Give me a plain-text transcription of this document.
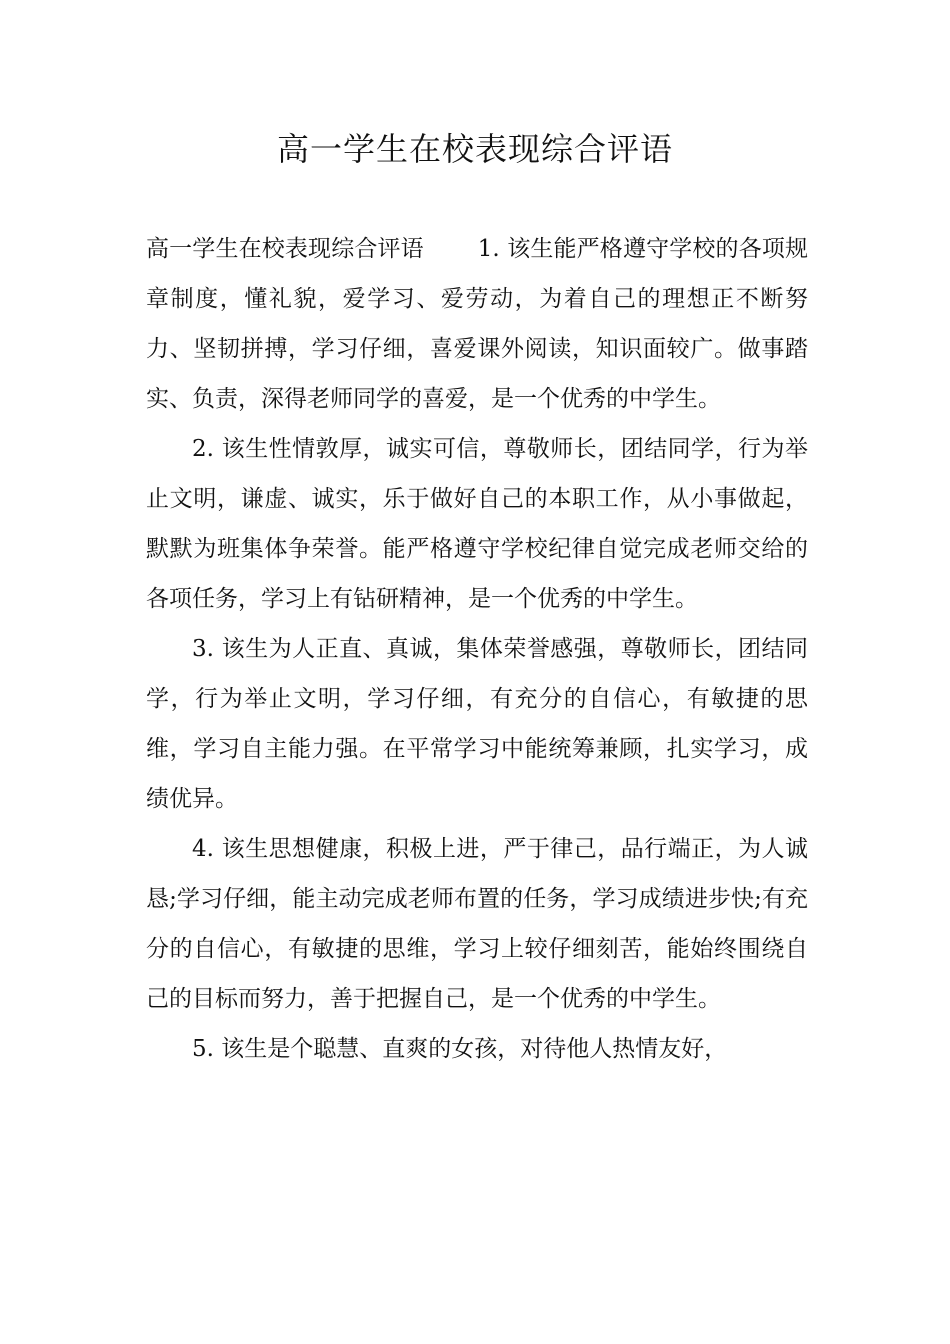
高一学生在校表现综合评语

高一学生在校表现综合评语 1. 该生能严格遵守学校的各项规章制度，懂礼貌，爱学习、爱劳动，为着自己的理想正不断努力、坚韧拼搏，学习仔细，喜爱课外阅读，知识面较广。做事踏实、负责，深得老师同学的喜爱，是一个优秀的中学生。

2. 该生性情敦厚，诚实可信，尊敬师长，团结同学，行为举止文明，谦虚、诚实，乐于做好自己的本职工作，从小事做起，默默为班集体争荣誉。能严格遵守学校纪律自觉完成老师交给的各项任务，学习上有钻研精神，是一个优秀的中学生。

3. 该生为人正直、真诚，集体荣誉感强，尊敬师长，团结同学，行为举止文明，学习仔细，有充分的自信心，有敏捷的思维，学习自主能力强。在平常学习中能统筹兼顾，扎实学习，成绩优异。

4. 该生思想健康，积极上进，严于律己，品行端正，为人诚恳;学习仔细，能主动完成老师布置的任务，学习成绩进步快;有充分的自信心，有敏捷的思维，学习上较仔细刻苦，能始终围绕自己的目标而努力，善于把握自己，是一个优秀的中学生。

5. 该生是个聪慧、直爽的女孩，对待他人热情友好，
